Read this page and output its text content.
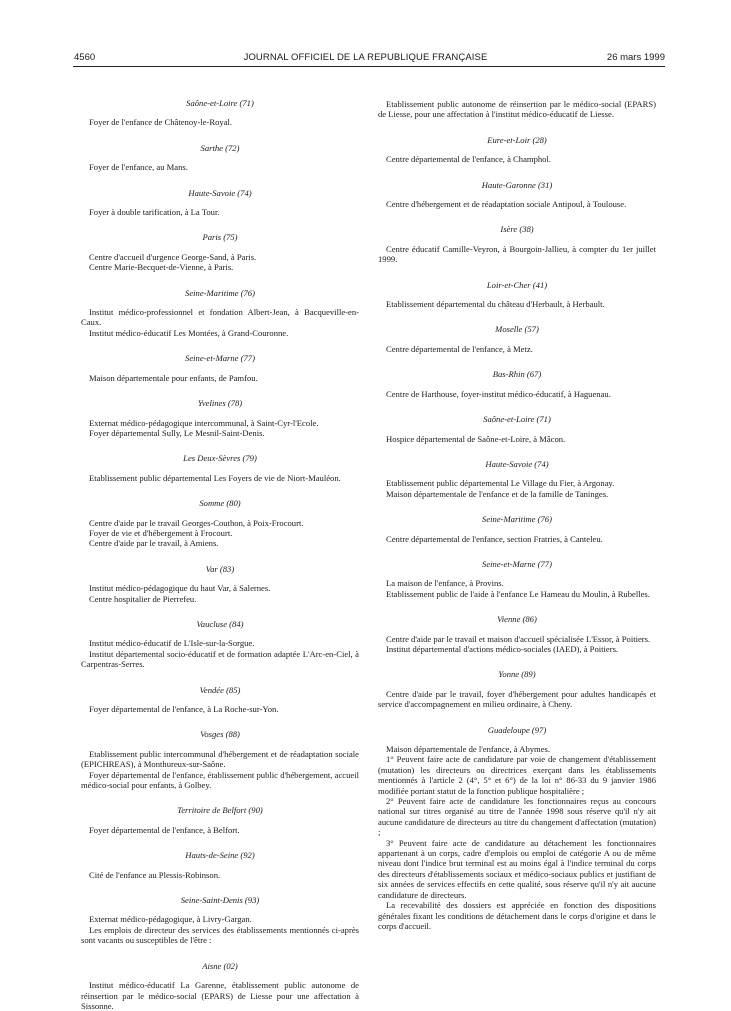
4560	JOURNAL OFFICIEL DE LA REPUBLIQUE FRANÇAISE	26 mars 1999
Saône-et-Loire (71)

Foyer de l'enfance de Châtenoy-le-Royal.

Sarthe (72)

Foyer de l'enfance, au Mans.

Haute-Savoie (74)

Foyer à double tarification, à La Tour.

Paris (75)

Centre d'accueil d'urgence George-Sand, à Paris.

Centre Marie-Becquet-de-Vienne, à Paris.

Seine-Maritime (76)

Institut médico-professionnel et fondation Albert-Jean, à Bacqueville-en-Caux.

Institut médico-éducatif Les Montées, à Grand-Couronne.

Seine-et-Marne (77)

Maison départementale pour enfants, de Pamfou.

Yvelines (78)

Externat médico-pédagogique intercommunal, à Saint-Cyr-l'Ecole.

Foyer départemental Sully, Le Mesnil-Saint-Denis.

Les Deux-Sèvres (79)

Etablissement public départemental Les Foyers de vie de Niort-Mauléon.

Somme (80)

Centre d'aide par le travail Georges-Couthon, à Poix-Frocourt.

Foyer de vie et d'hébergement à Frocourt.

Centre d'aide par le travail, à Amiens.

Var (83)

Institut médico-pédagogique du haut Var, à Salernes.

Centre hospitalier de Pierrefeu.

Vaucluse (84)

Institut médico-éducatif de L'Isle-sur-la-Sorgue.

Institut départemental socio-éducatif et de formation adaptée L'Arc-en-Ciel, à Carpentras-Serres.

Vendée (85)

Foyer départemental de l'enfance, à La Roche-sur-Yon.

Vosges (88)

Etablissement public intercommunal d'hébergement et de réadaptation sociale (EPICHREAS), à Monthureux-sur-Saône.

Foyer départemental de l'enfance, établissement public d'hébergement, accueil médico-social pour enfants, à Golbey.

Territoire de Belfort (90)

Foyer départemental de l'enfance, à Belfort.

Hauts-de-Seine (92)

Cité de l'enfance au Plessis-Robinson.

Seine-Saint-Denis (93)

Externat médico-pédagogique, à Livry-Gargan.

Les emplois de directeur des services des établissements mentionnés ci-après sont vacants ou susceptibles de l'être :

Aisne (02)

Institut médico-éducatif La Garenne, établissement public autonome de réinsertion par le médico-social (EPARS) de Liesse pour une affectation à Sissonne.

Etablissement public autonome de réinsertion par le médico-social (EPARS) de Liesse, pour une affectation à l'institut médico-éducatif de Liesse.

Eure-et-Loir (28)

Centre départemental de l'enfance, à Champhol.

Haute-Garonne (31)

Centre d'hébergement et de réadaptation sociale Antipoul, à Toulouse.

Isère (38)

Centre éducatif Camille-Veyron, à Bourgoin-Jallieu, à compter du 1er juillet 1999.

Loir-et-Cher (41)

Etablissement départemental du château d'Herbault, à Herbault.

Moselle (57)

Centre départemental de l'enfance, à Metz.

Bas-Rhin (67)

Centre de Harthouse, foyer-institut médico-éducatif, à Haguenau.

Saône-et-Loire (71)

Hospice départemental de Saône-et-Loire, à Mâcon.

Haute-Savoie (74)

Etablissement public départemental Le Village du Fier, à Argonay.

Maison départementale de l'enfance et de la famille de Taninges.

Seine-Maritime (76)

Centre départemental de l'enfance, section Fratries, à Canteleu.

Seine-et-Marne (77)

La maison de l'enfance, à Provins.

Etablissement public de l'aide à l'enfance Le Hameau du Moulin, à Rubelles.

Vienne (86)

Centre d'aide par le travail et maison d'accueil spécialisée L'Essor, à Poitiers.

Institut départemental d'actions médico-sociales (IAED), à Poitiers.

Yonne (89)

Centre d'aide par le travail, foyer d'hébergement pour adultes handicapés et service d'accompagnement en milieu ordinaire, à Cheny.

Guadeloupe (97)

Maison départementale de l'enfance, à Abymes.

1° Peuvent faire acte de candidature par voie de changement d'établissement (mutation) les directeurs ou directrices exerçant dans les établissements mentionnés à l'article 2 (4°, 5° et 6°) de la loi n° 86-33 du 9 janvier 1986 modifiée portant statut de la fonction publique hospitalière ;

2° Peuvent faire acte de candidature les fonctionnaires reçus au concours national sur titres organisé au titre de l'année 1998 sous réserve qu'il n'y ait aucune candidature de directeurs au titre du changement d'affectation (mutation) ;

3° Peuvent faire acte de candidature au détachement les fonctionnaires appartenant à un corps, cadre d'emplois ou emploi de catégorie A ou de même niveau dont l'indice brut terminal est au moins égal à l'indice terminal du corps des directeurs d'établissements sociaux et médico-sociaux publics et justifiant de six années de services effectifs en cette qualité, sous réserve qu'il n'y ait aucune candidature de directeurs.

La recevabilité des dossiers est appréciée en fonction des dispositions générales fixant les conditions de détachement dans le corps d'origine et dans le corps d'accueil.
